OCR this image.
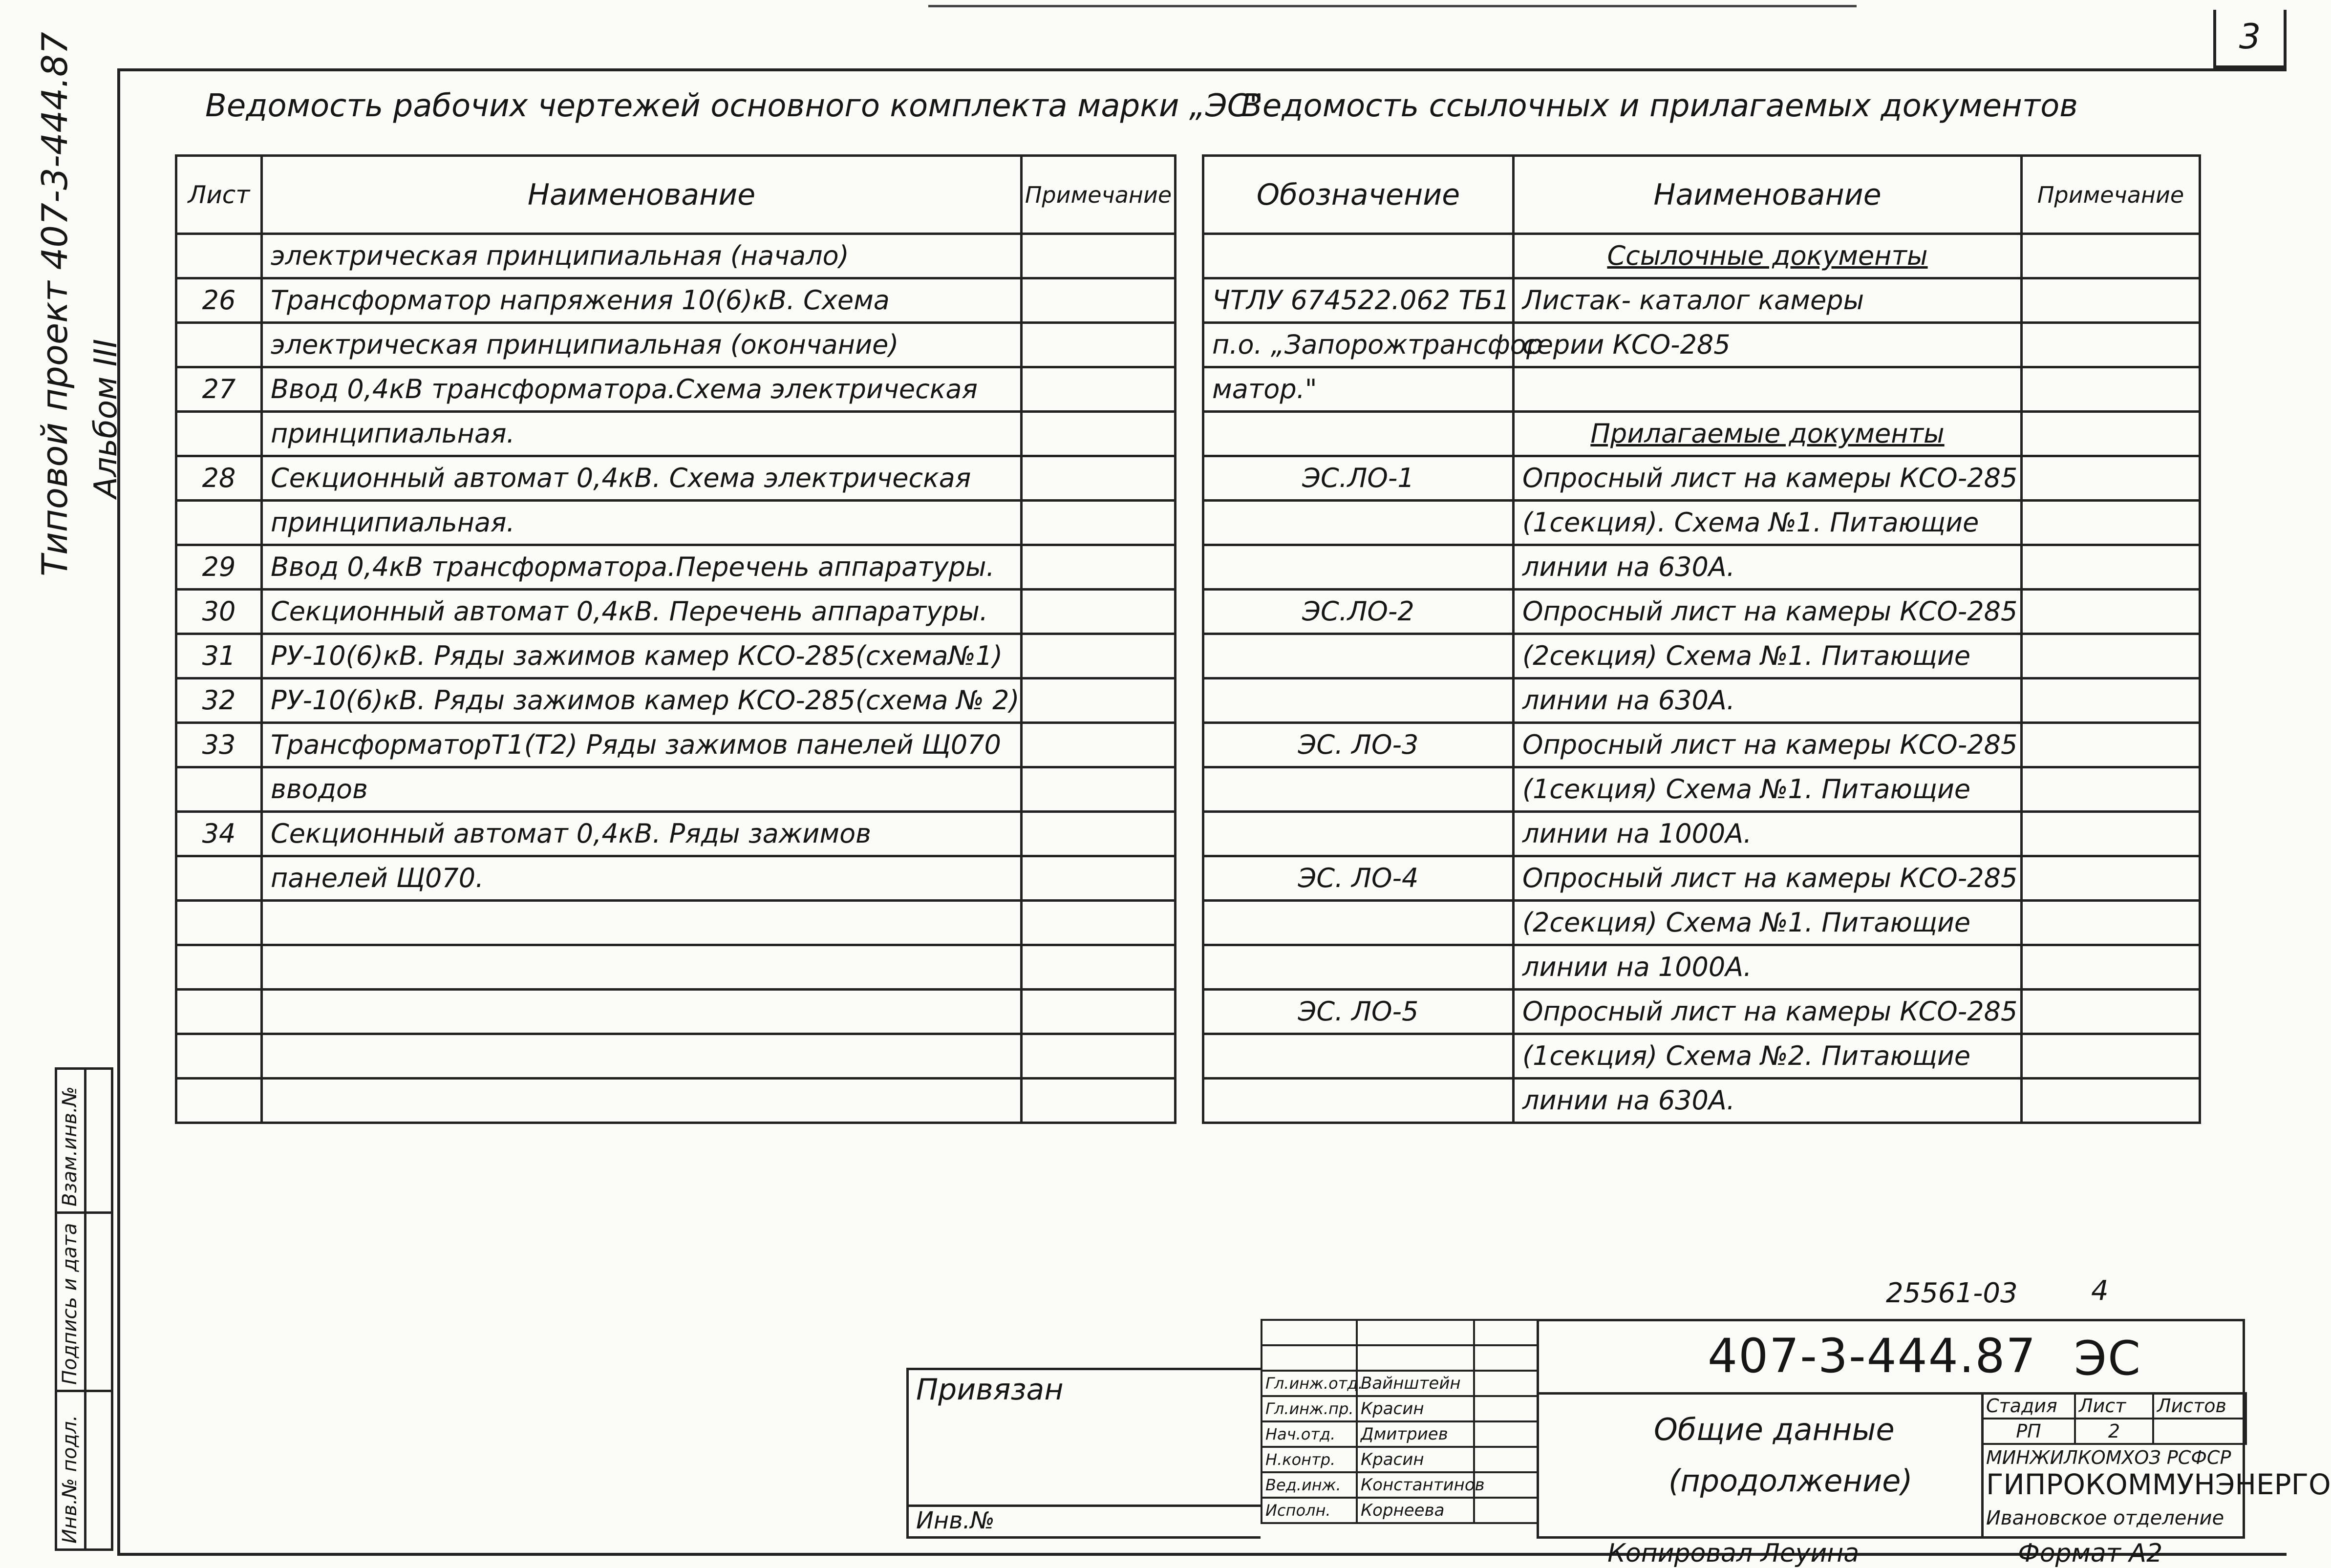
3
Типовой проект 407-3-444.87 Альбом III
Инв.№ подл.
Подпись и дата
Взам.инв.№
Ведомость рабочих чертежей основного комплекта марки „ЭС"
Лист	Наименование	Примечание
	электрическая принципиальная (начало)	
26	Трансформатор напряжения 10(6)кВ. Схема	
	электрическая принципиальная (окончание)	
27	Ввод 0,4кВ трансформатора.Схема электрическая	
	принципиальная.	
28	Секционный автомат 0,4кВ. Схема электрическая	
	принципиальная.	
29	Ввод 0,4кВ трансформатора.Перечень аппаратуры.	
30	Секционный автомат 0,4кВ. Перечень аппаратуры.	
31	РУ-10(6)кВ. Ряды зажимов камер КСО-285(схема№1)	
32	РУ-10(6)кВ. Ряды зажимов камер КСО-285(схема № 2)	
33	ТрансформаторТ1(Т2) Ряды зажимов панелей Щ070	
	вводов	
34	Секционный автомат 0,4кВ. Ряды зажимов	
	панелей Щ070.	

Ведомость ссылочных и прилагаемых документов
Обозначение	Наименование	Примечание
	Ссылочные документы	
ЧТЛУ 674522.062 ТБ1	Листак- каталог камеры	
п.о. „Запорожтрансфор	серии КСО-285	
матор."		
	Прилагаемые документы	
ЭС.ЛО-1	Опросный лист на камеры КСО-285	
	(1секция). Схема №1. Питающие	
	линии на 630А.	
ЭС.ЛО-2	Опросный лист на камеры КСО-285	
	(2секция) Схема №1. Питающие	
	линии на 630А.	
ЭС. ЛО-3	Опросный лист на камеры КСО-285	
	(1секция) Схема №1. Питающие	
	линии на 1000А.	
ЭС. ЛО-4	Опросный лист на камеры КСО-285	
	(2секция) Схема №1. Питающие	
	линии на 1000А.	
ЭС. ЛО-5	Опросный лист на камеры КСО-285	
	(1секция) Схема №2. Питающие	
	линии на 630А.	
25561-03	4
Привязан
Инв.№

Гл.инж.отд.	Вайнштейн	
Гл.инж.пр.	Красин	
Нач.отд.	Дмитриев	
Н.контр.	Красин	
Вед.инж.	Константинов	
Исполн.	Корнеева	
407-3-444.87 ЭС
Общие данные
(продолжение)
Стадия	Лист	Листов
РП	2	
МИНЖИЛКОМХОЗ РСФСР
ГИПРОКОММУНЭНЕРГО
Ивановское отделение
Копировал Леуина	Формат А2
